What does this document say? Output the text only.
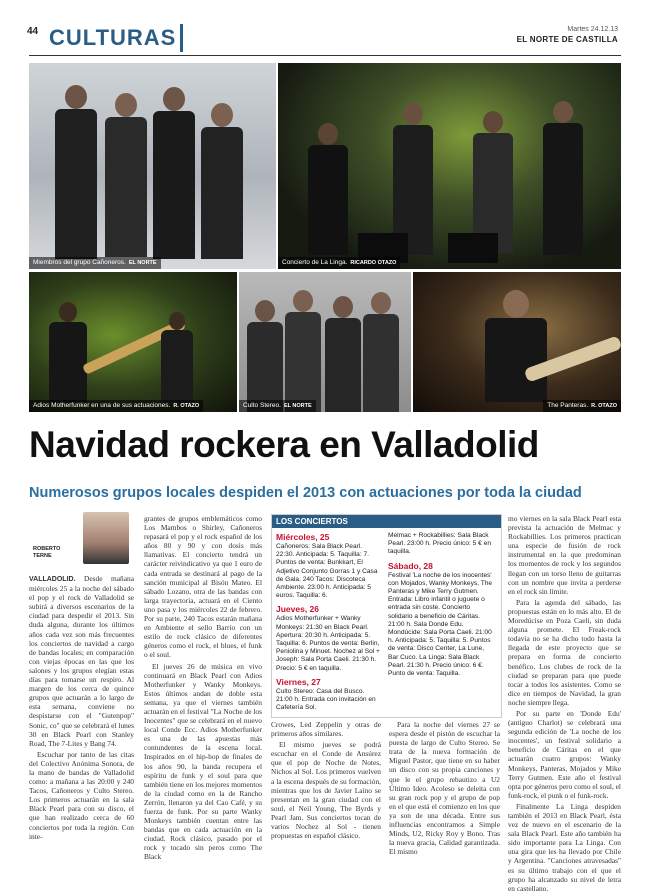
44 CULTURAS	Martes 24.12.13
EL NORTE DE CASTILLA
Miembros del grupo Cañoneros. EL NORTE	Concierto de La Linga. RICARDO OTAZO
Adios Motherfunker en una de sus actuaciones. R. OTAZO	Culto Stereo. EL NORTE	The Panteras. R. OTAZO
Navidad rockera en Valladolid
Numerosos grupos locales despiden el 2013 con actuaciones por toda la ciudad
ROBERTO TERNE
VALLADOLID. Desde mañana miércoles 25 a la noche del sábado el pop y el rock de Valladolid se subirá a diversos escenarios de la ciudad para despedir el 2013. Sin duda alguna, durante los últimos años cada vez son más frecuentes los conciertos de navidad a cargo de bandas locales; en comparación con viejas épocas en las que los salones y los grupos elegían estas días para tomarse un respiro. Al margen de los cerca de quince grupos que actuarán a lo largo de esta semana, conviene no despistarse con el "Gutenpop" Sonic, co" que se celebrará el lunes 30 en Black Pearl con Stanley Road, The 7-Lites y Bang 74.

Escuchar por tanto de las citas del Colectivo Anónima Sonora, de la mano de bandas de Valladolid como: a mañana a las 20:00 y 240 Tacos, Cañoneros y Culto Stereo. Los primeros actuarán en la sala Black Pearl para con su disco, el que han realizado cerca de 60 conciertos por toda la región. Con inte-

grantes de grupos emblemáticos como Los Mambos o Shirley, Cañoneros repasará el pop y el rock español de los años 80 y 90 y con dosis más llamativas. El concierto tendrá un carácter reivindicativo ya que 1 euro de cada entrada se destinará al pago de la sanción municipal al Bisón Mateo. El sábado Lozano, otra de las bandas con larga trayectoria, actuará en el Ciento uno pasa y los miércoles 22 de febrero. Por su parte, 240 Tacos estarán mañana en Ambiente el sello Barrio con un estilo de rock clásico de diferentes géneros como el rock, el blues, el funk o el soul.

El jueves 26 de música en vivo continuará en Black Pearl con Adios Motherfunker y Wanky Monkeys. Estos últimos andan de doble esta semana, ya que el viernes también actuarán en el festival "La Noche de los Inocentes" que se celebrará en el nuevo local Conde Ecc. Adios Motherfunker es una de las apuestas más contundentes de la escena local. Inspirados en el hip-hop de finales de los años 90, la banda recupera el espíritu de funk y el soul para que también tiene en los mejores momentos de la ciudad como en la de Rancho Zerrón, llenaron ya del Cao Café, y su fuerza de funk. Por su parte Wanky Monkeys también cuentan entre las bandas que en cada actuación en la ciudad. Rock clásico, pasado por el rock y tocado sin peros como The Black

LOS CONCIERTOS
Miércoles, 25
Cañoneros: Sala Black Pearl. 22:30. Anticipada: 5. Taquilla: 7. Puntos de venta: Bunkkart, El Adjetivo Conjunto Gorras 1 y Casa de Gala. 240 Tacos: Discoteca Ambiente. 23:00 h. Anticipada: 5 euros. Taquilla: 6.
Jueves, 26
Adios Motherfunker + Wanky Monkeys: 21:30 en Black Pearl. Apertura: 20:30 h. Anticipada: 5. Taquilla: 6. Puntos de venta: Berlin, Peniolina y Minuet. Nochez al Sol + Joseph: Sala Porta Caeli. 21:30 h. Precio: 5 € en taquilla.
Viernes, 27
Culto Stereo: Casa del Busco. 21:00 h. Entrada con invitación en Cafetería Sol.
Melmac + Rockabillies: Sala Black Pearl. 23:00 h. Precio único: 5 € en taquilla.
Sábado, 28
Festival 'La noche de los inocentes' con Mojados, Wanky Monkeys, The Panteras y Mike Terry Gutmen. Entrada: Libro infantil o juguete o entrada sin coste. Concierto solidario a beneficio de Cáritas. 21:00 h. Sala Donde Edu. Mondúcide: Sala Porta Caeli. 21:00 h. Anticipada: 5. Taquilla: 5. Puntos de venta: Disco Center, La Lune, Bar Cuco. La Linga: Sala Black Pearl. 21:30 h. Precio único: 6 €. Punto de venta: Taquilla.

Crowes, Led Zeppelin y otras de primeros años similares.

El mismo jueves se podrá escuchar en el Conde de Ansúrez que el pop de Noche de Notes, Nichos al Sol. Los primeros vuelven a la escena después de su formación, mientras que los de Javier Laíno se presentan en la gran ciudad con el soul, el Neil Young, The Byrds y Pearl Jam. Sus conciertos tocan de varios Nochez al Sol - tienen propuestas en español clásico.

Para la noche del viernes 27 se espera desde el pistón de escuchar la puesta de largo de Culto Stereo. Se trata de la nueva formación de Miguel Pastor, que tiene en su haber un disco con su propia canciones y que le el grupo rebautizo a U2 Último Ideo. Acoleso se deleita con su gran rock pop y el grupo de pop en el que está el comienzo en los que ya son de una década. Entre sus influencias encontramos a Simple Minds, U2, Ricky Roy y Bono. Tras la nueva gracia, Calidad garantizada. El mismo

mo viernes en la sala Black Pearl esta prevista la actuación de Melmac y Rockabillies. Los primeros practican una especie de fusión de rock instrumental en la que predominan los momentos de rock y los segundos llegan con un torso lleno de guitarras con un nombre que invita a perderse en el rock sin límite.

Para la agenda del sábado, las propuestas están en lo más alto. El de Moredúcise en Poza Caeli, sin duda alguna promete. El Freak-rock todavía no se ha dicho todo hasta la llegada de este proyecto que se prepara en forma de concierto benéfico. Los clubes de rock de la ciudad se preparan para que puede tocar a todos los asistentes. Como se dice en tiempos de Navidad, la gran noche siempre llega.

Por su parte en 'Donde Edu' (antiguo Charlot) se celebrará una segunda edición de 'La noche de los inocentes', un festival solidario a beneficio de Cáritas en el que actuarán cuatro grupos: Wanky Monkeys, Panteras, Mojados y Mike Terry Gutmen. Este año el festival opta por géneros pero como el soul, el funk-rock, el punk o el funk-rock.

Finalmente La Linga despiden también el 2013 en Black Pearl, ésta vez de nuevo en el escenario de la sala Black Pearl. Este año también ha sido importante para La Linga. Con una gira que les ha llevado por Chile y Argentina. "Canciones atravesadas" es su último trabajo con el que el grupo ha alcanzado su nivel de letra en castellano.
